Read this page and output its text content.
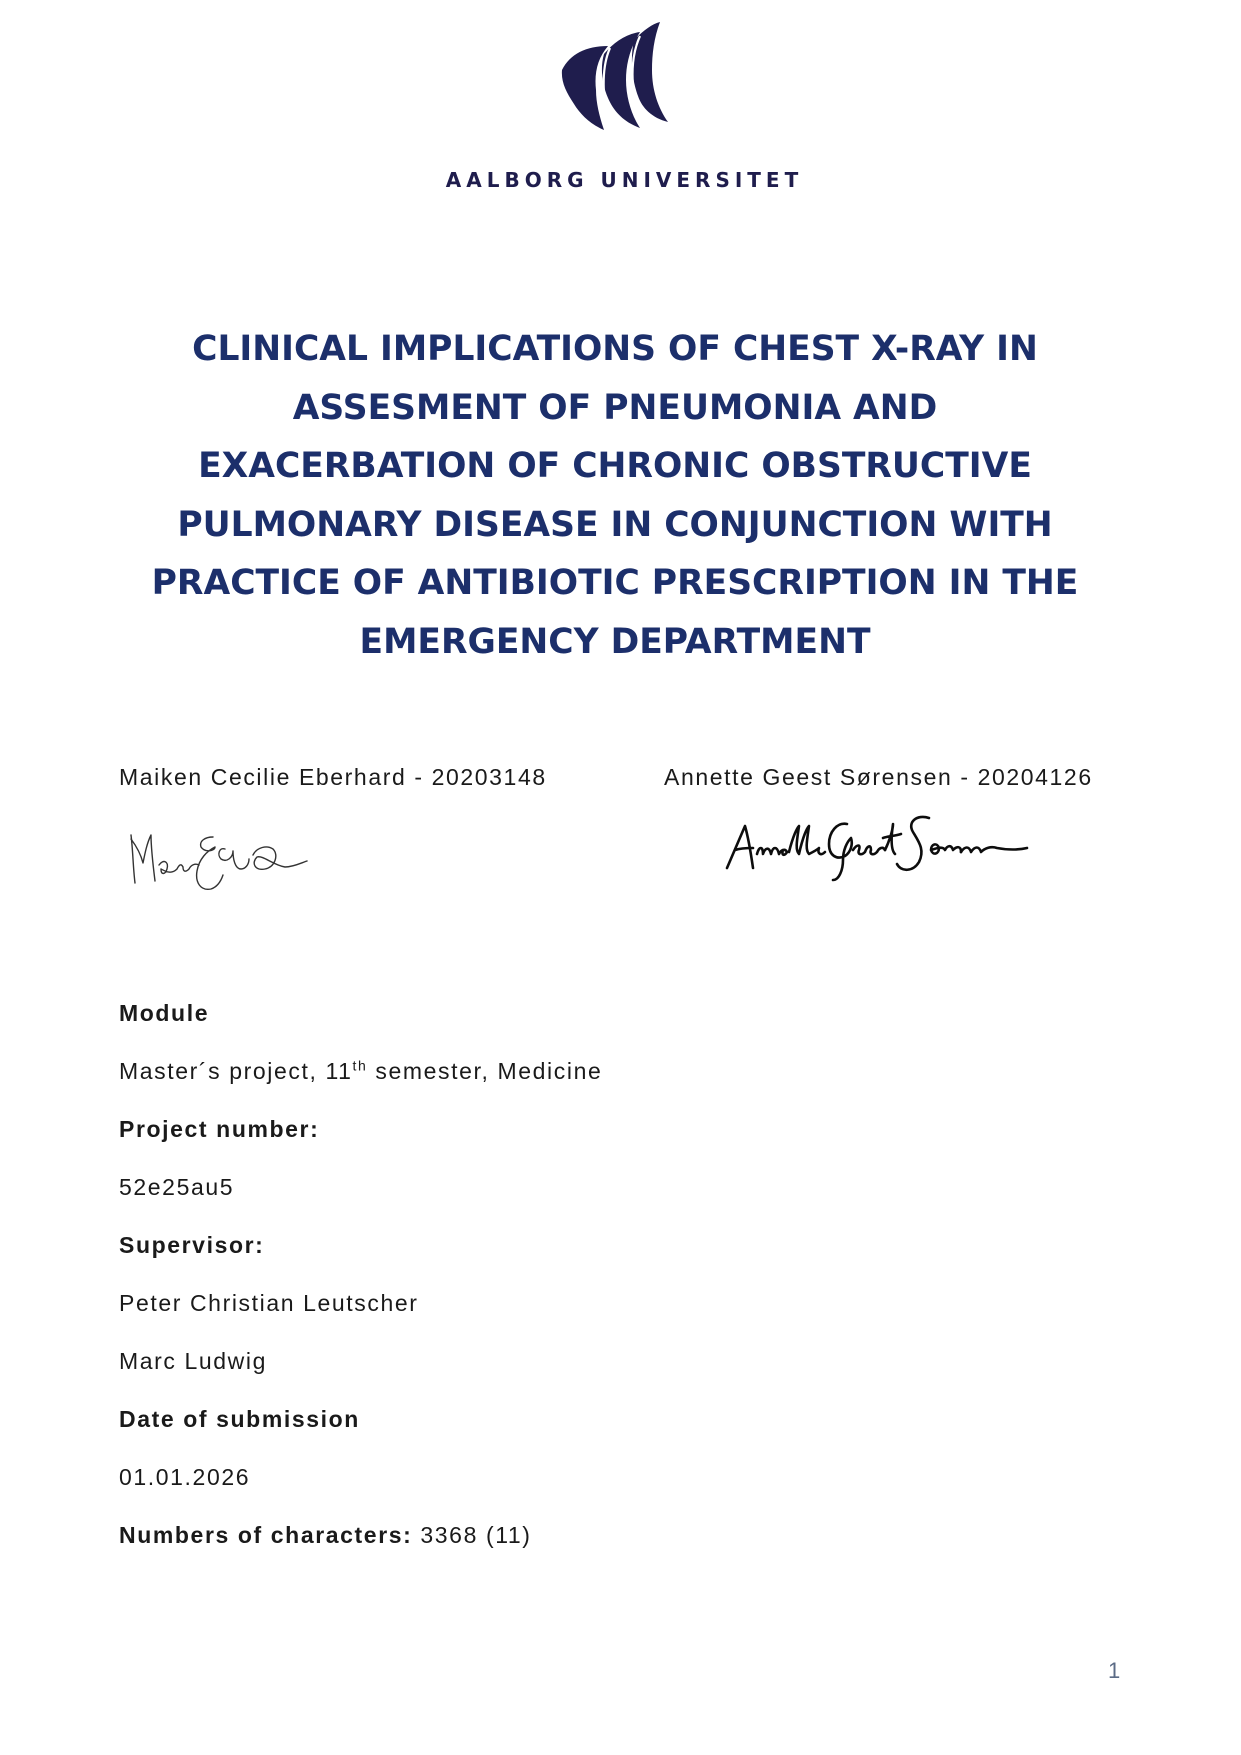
AALBORG UNIVERSITET
CLINICAL IMPLICATIONS OF CHEST X-RAY IN
ASSESMENT OF PNEUMONIA AND
EXACERBATION OF CHRONIC OBSTRUCTIVE
PULMONARY DISEASE IN CONJUNCTION WITH
PRACTICE OF ANTIBIOTIC PRESCRIPTION IN THE
EMERGENCY DEPARTMENT
Maiken Cecilie Eberhard - 20203148	Annette Geest Sørensen - 20204126
Module
Master´s project, 11th semester, Medicine
Project number:
52e25au5
Supervisor:
Peter Christian Leutscher
Marc Ludwig
Date of submission
01.01.2026
Numbers of characters: 3368 (11)
1
